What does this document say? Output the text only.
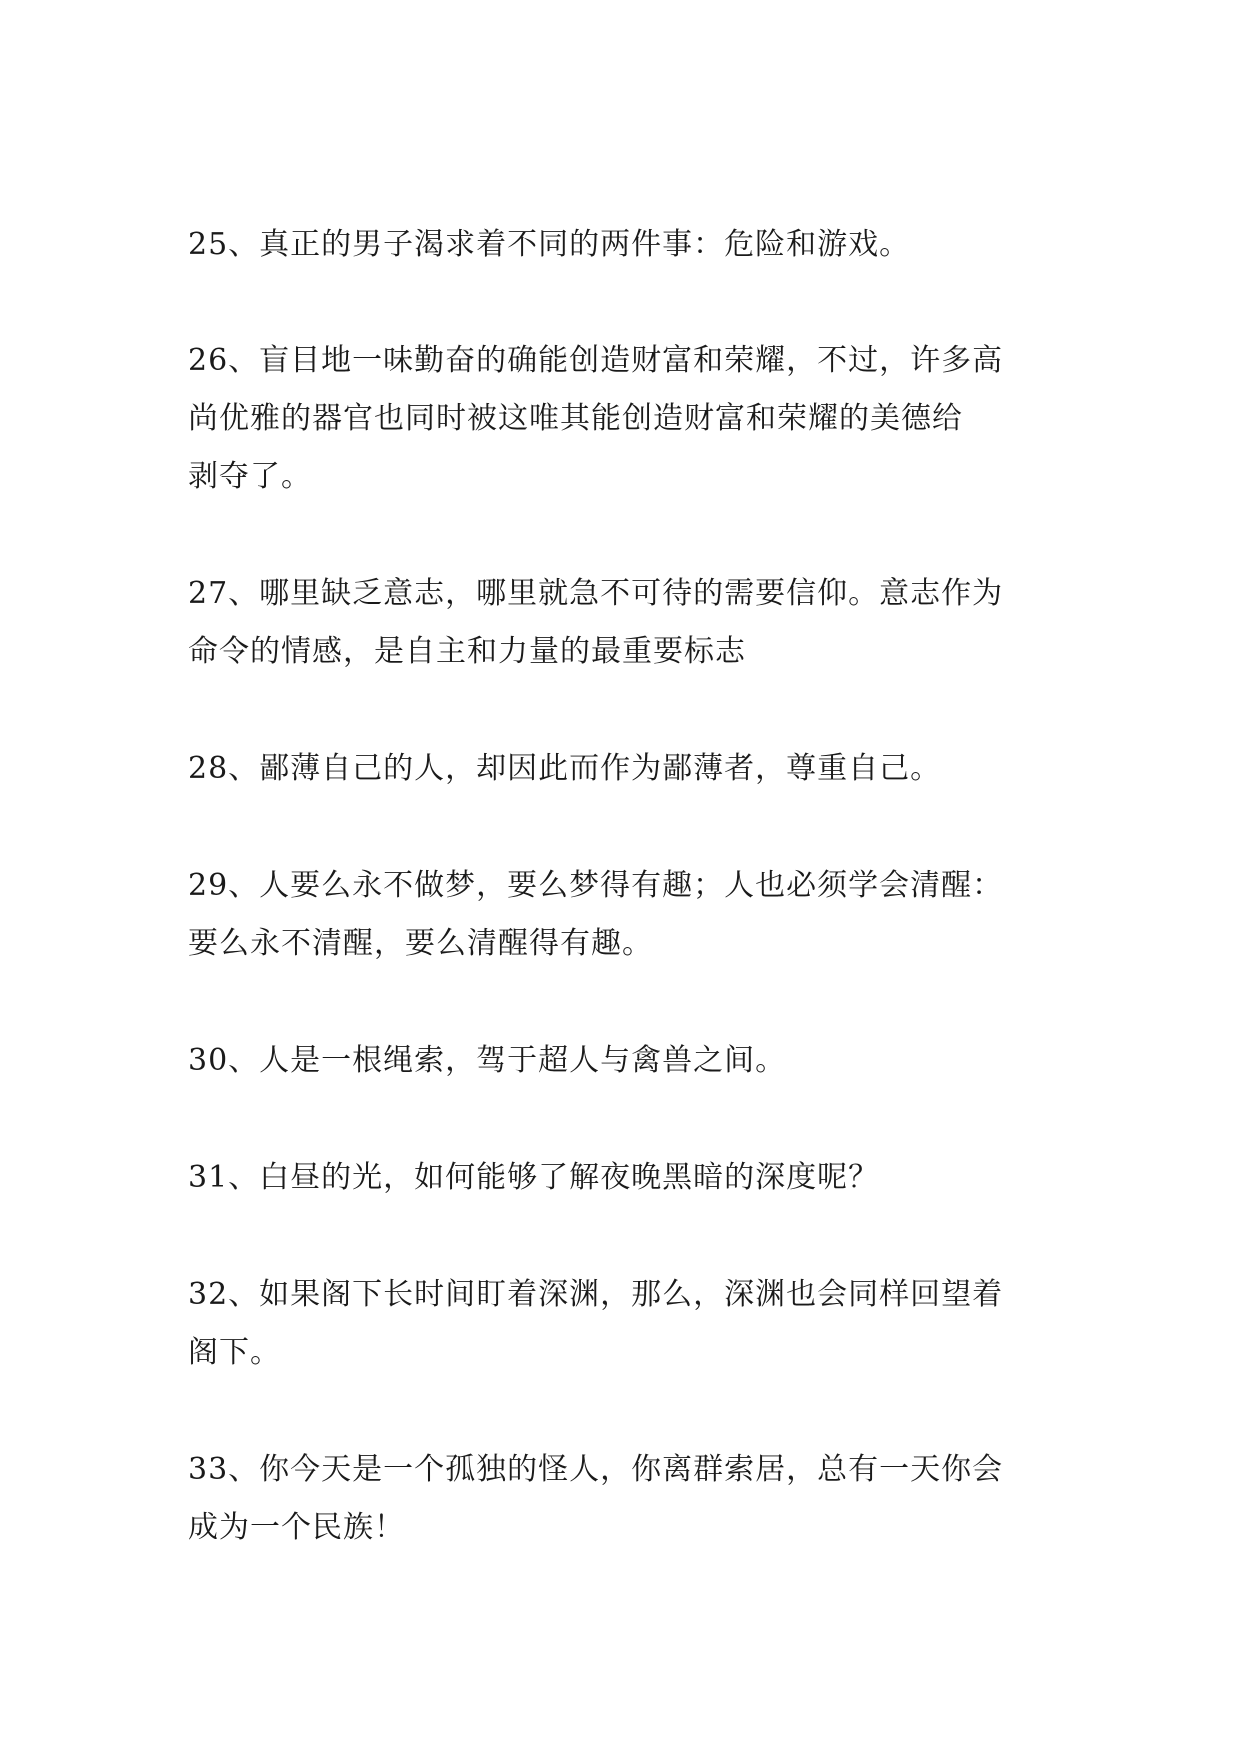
25、真正的男子渴求着不同的两件事：危险和游戏。
26、盲目地一味勤奋的确能创造财富和荣耀，不过，许多高
尚优雅的器官也同时被这唯其能创造财富和荣耀的美德给
剥夺了。
27、哪里缺乏意志，哪里就急不可待的需要信仰。意志作为
命令的情感，是自主和力量的最重要标志
28、鄙薄自己的人，却因此而作为鄙薄者，尊重自己。
29、人要么永不做梦，要么梦得有趣；人也必须学会清醒：
要么永不清醒，要么清醒得有趣。
30、人是一根绳索，驾于超人与禽兽之间。
31、白昼的光，如何能够了解夜晚黑暗的深度呢？
32、如果阁下长时间盯着深渊，那么，深渊也会同样回望着
阁下。
33、你今天是一个孤独的怪人，你离群索居，总有一天你会
成为一个民族！
